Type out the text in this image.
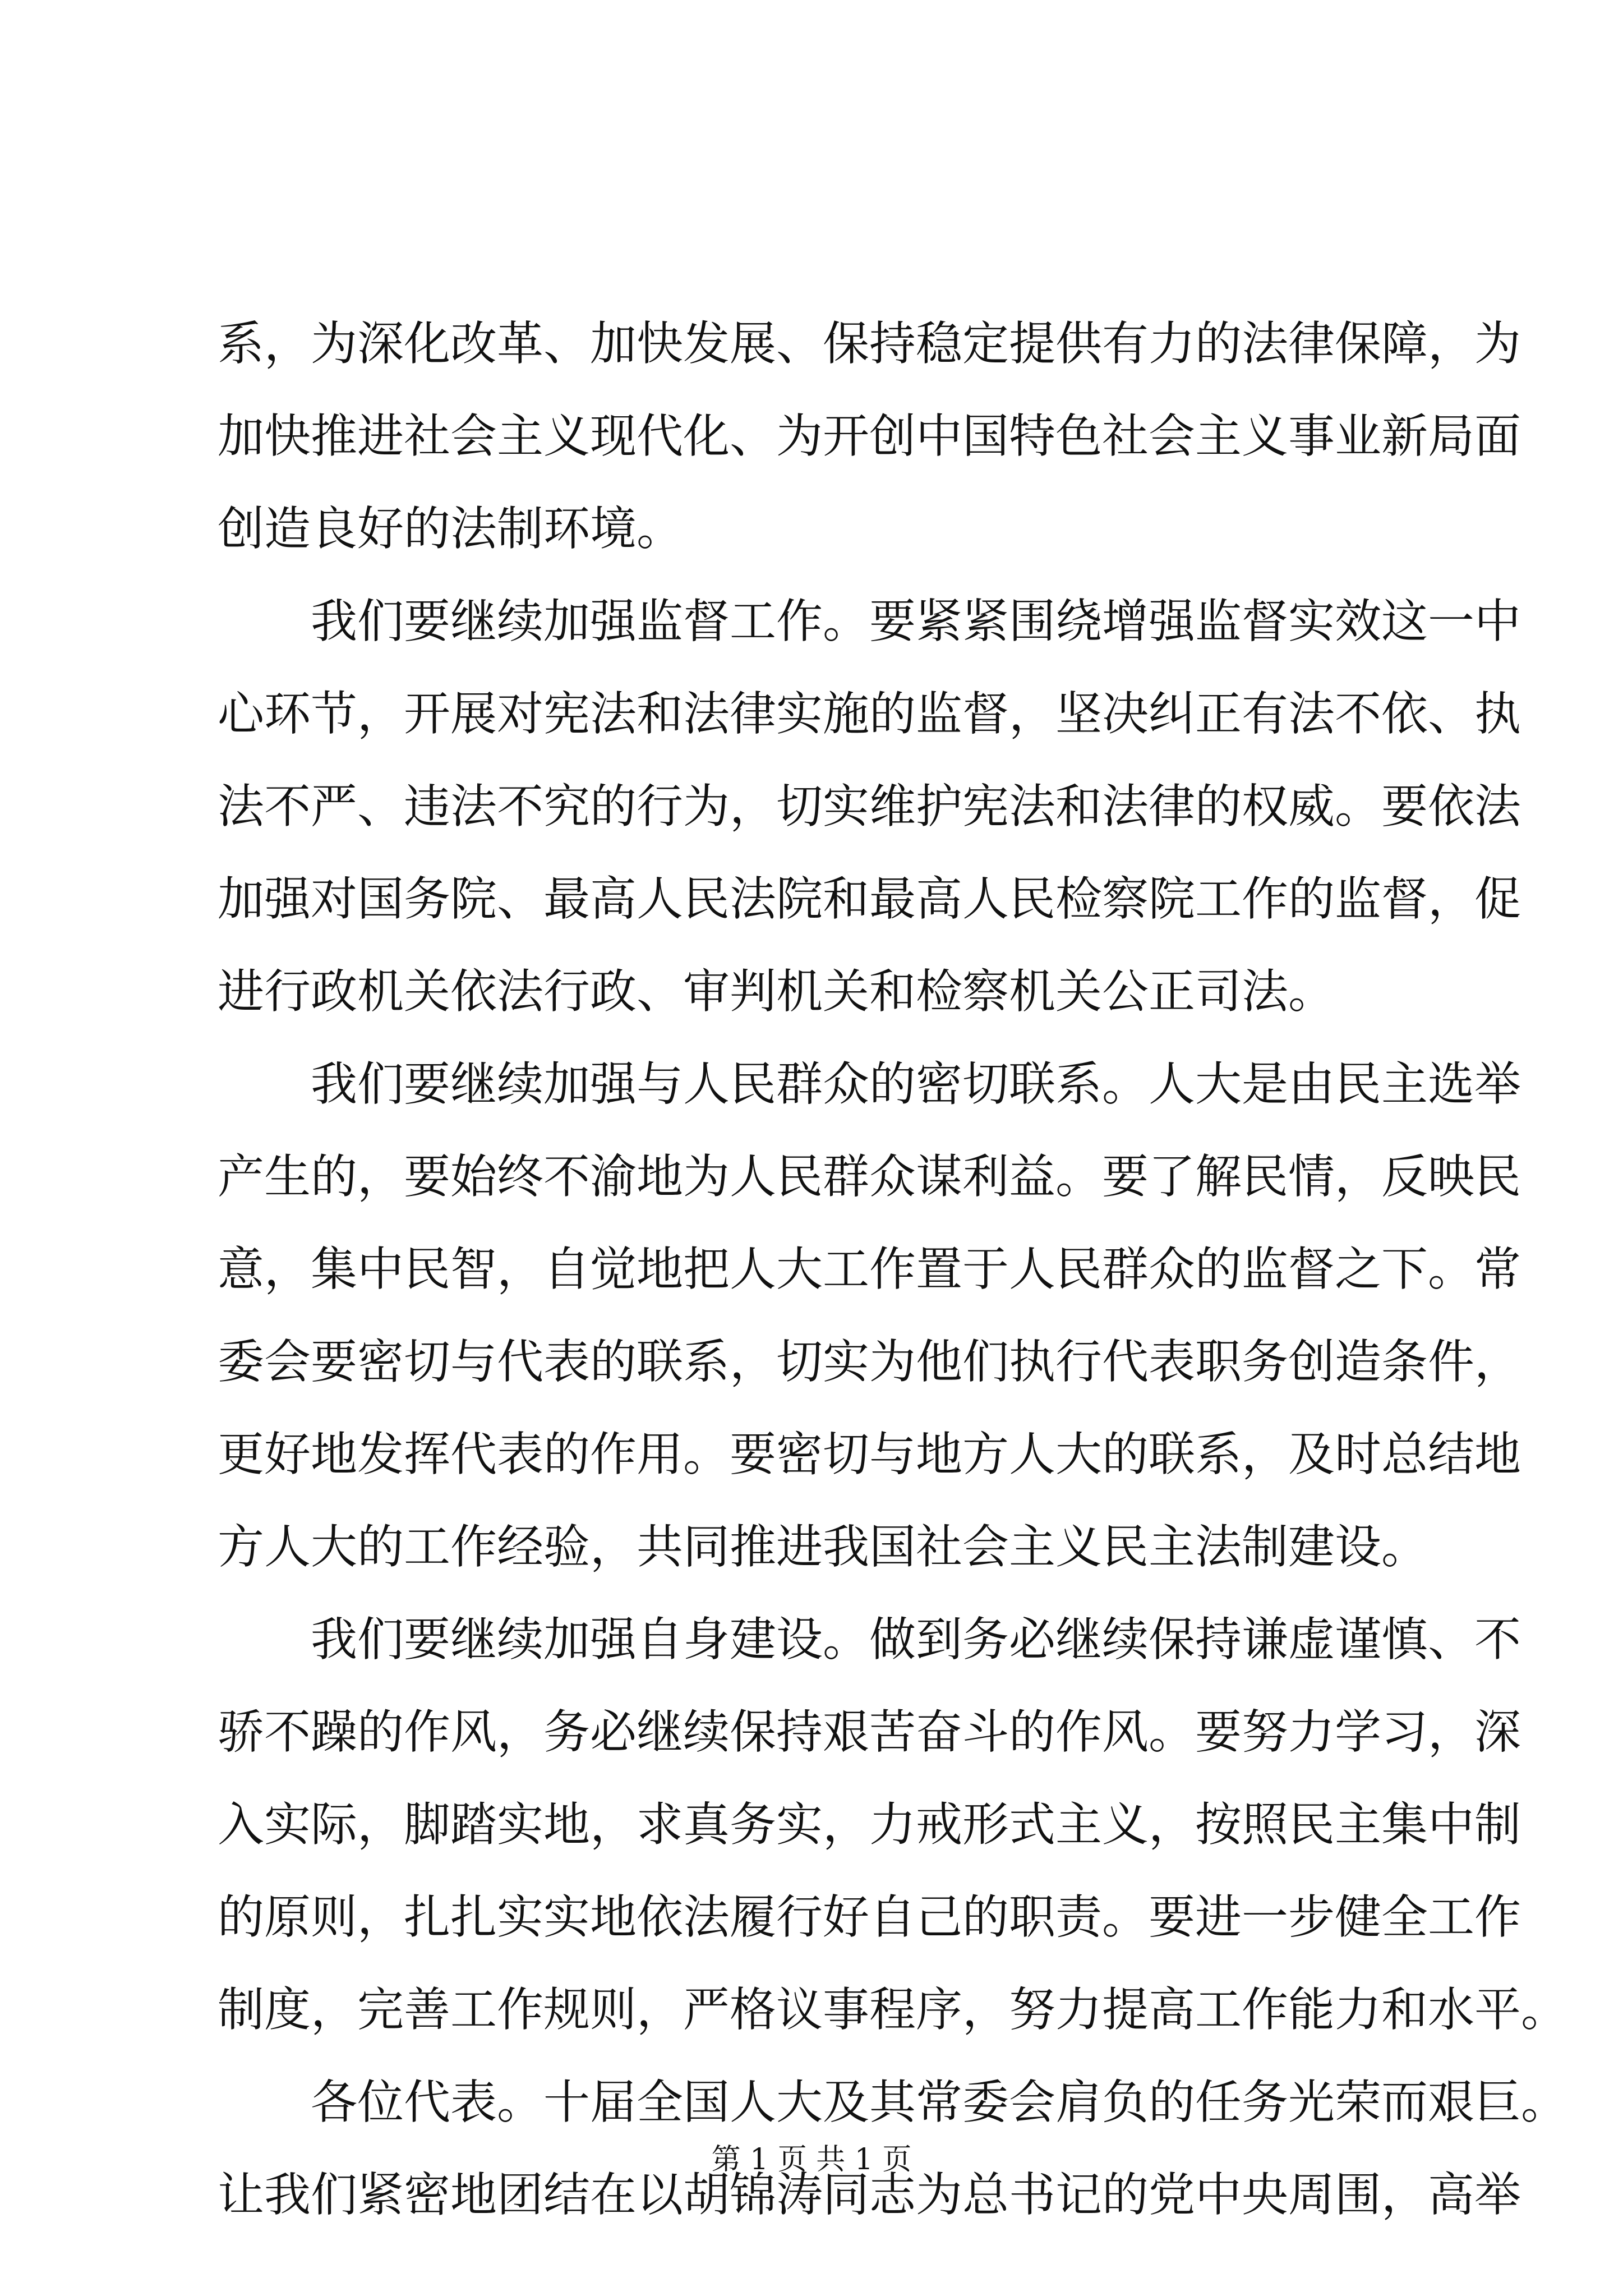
系，为深化改革、加快发展、保持稳定提供有力的法律保障，为
加快推进社会主义现代化、为开创中国特色社会主义事业新局面
创造良好的法制环境。
我们要继续加强监督工作。要紧紧围绕增强监督实效这一中
心环节，开展对宪法和法律实施的监督，坚决纠正有法不依、执
法不严、违法不究的行为，切实维护宪法和法律的权威。要依法
加强对国务院、最高人民法院和最高人民检察院工作的监督，促
进行政机关依法行政、审判机关和检察机关公正司法。
我们要继续加强与人民群众的密切联系。人大是由民主选举
产生的，要始终不渝地为人民群众谋利益。要了解民情，反映民
意，集中民智，自觉地把人大工作置于人民群众的监督之下。常
委会要密切与代表的联系，切实为他们执行代表职务创造条件，
更好地发挥代表的作用。要密切与地方人大的联系，及时总结地
方人大的工作经验，共同推进我国社会主义民主法制建设。
我们要继续加强自身建设。做到务必继续保持谦虚谨慎、不
骄不躁的作风，务必继续保持艰苦奋斗的作风。要努力学习，深
入实际，脚踏实地，求真务实，力戒形式主义，按照民主集中制
的原则，扎扎实实地依法履行好自己的职责。要进一步健全工作
制度，完善工作规则，严格议事程序，努力提高工作能力和水平。
各位代表。十届全国人大及其常委会肩负的任务光荣而艰巨。
让我们紧密地团结在以胡锦涛同志为总书记的党中央周围，高举
第 1 页 共 1 页
